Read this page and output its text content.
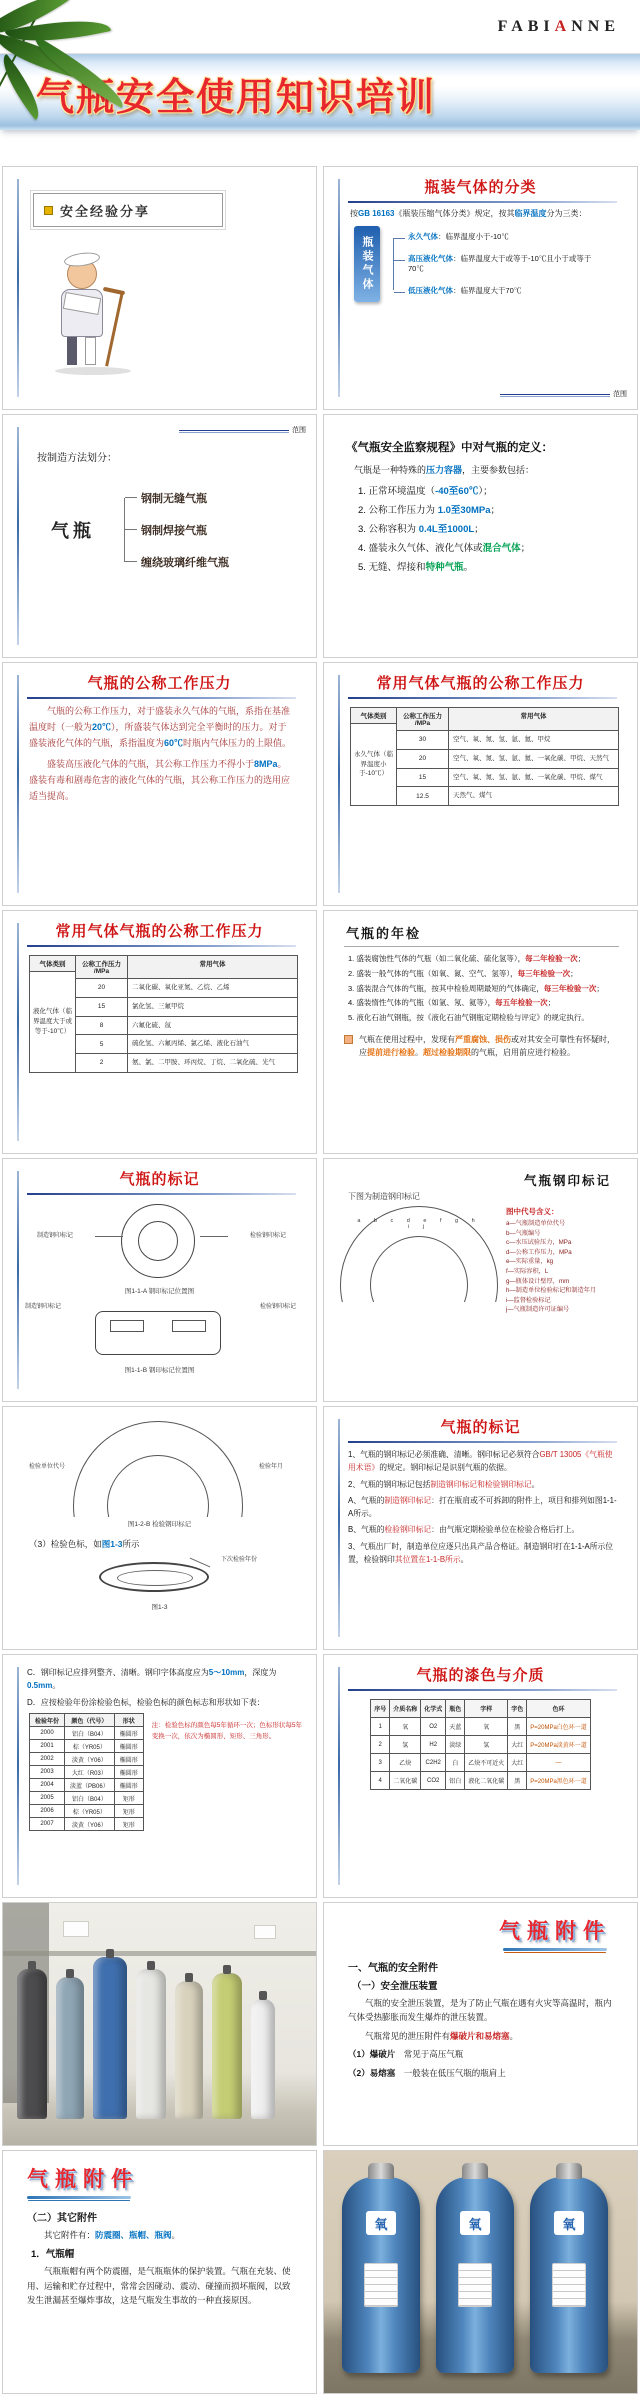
FABIANNE
气瓶安全使用知识培训
安全经验分享
瓶装气体的分类

按GB 16163《瓶装压缩气体分类》规定，按其临界温度分为三类：

瓶装气体	永久气体：临界温度小于-10℃
高压液化气体：临界温度大于或等于-10℃且小于或等于70℃
低压液化气体：临界温度大于70℃
范围
范围

按制造方法划分：

气瓶
钢制无缝气瓶
钢制焊接气瓶
缠绕玻璃纤维气瓶
《气瓶安全监察规程》中对气瓶的定义：

气瓶是一种特殊的压力容器，主要参数包括：

1. 正常环境温度（-40至60℃）；

2. 公称工作压力为 1.0至30MPa；

3. 公称容积为 0.4L至1000L；

4. 盛装永久气体、液化气体或混合气体；

5. 无缝、焊接和特种气瓶。

气瓶的公称工作压力

气瓶的公称工作压力，对于盛装永久气体的气瓶，系指在基准温度时（一般为20℃），所盛装气体达到完全平衡时的压力。对于盛装液化气体的气瓶，系指温度为60℃时瓶内气体压力的上限值。

盛装高压液化气体的气瓶，其公称工作压力不得小于8MPa。盛装有毒和剧毒危害的液化气体的气瓶，其公称工作压力的选用应适当提高。

常用气体气瓶的公称工作压力
气体类别
永久气体（临界温度小于-10℃）
公称工作压力 /MPa
常用气体
30	空气、氧、氮、氢、氩、氦、甲烷
20	空气、氧、氮、氢、氩、氦、一氧化碳、甲烷、天然气
15	空气、氧、氮、氢、氩、氦、一氧化碳、甲烷、煤气
12.5	天然气、煤气
常用气体气瓶的公称工作压力
气体类别
液化气体（临界温度大于或等于-10℃）
公称工作压力 /MPa
常用气体
20	二氧化碳、氧化亚氮、乙烷、乙烯
15	氯化氢、三氟甲烷
8	六氟化硫、氙
5	硫化氢、六氟丙烯、氯乙烯、液化石油气
2	氨、氯、二甲胺、环丙烷、丁烷、二氧化硫、光气
气瓶的年检

1. 盛装腐蚀性气体的气瓶（如二氧化硫、硫化氢等），每二年检验一次；

2. 盛装一般气体的气瓶（如氧、氮、空气、氢等），每三年检验一次；

3. 盛装混合气体的气瓶，按其中检验周期最短的气体确定，每三年检验一次；

4. 盛装惰性气体的气瓶（如氩、氖、氦等），每五年检验一次；

5. 液化石油气钢瓶，按《液化石油气钢瓶定期检验与评定》的规定执行。

气瓶在使用过程中，发现有严重腐蚀、损伤或对其安全可靠性有怀疑时，应提前进行检验。超过检验期限的气瓶，启用前应进行检验。

气瓶的标记
制造钢印标记	检验钢印标记

图1-1-A 钢印标记位置图

制造钢印标记	检验钢印标记

图1-1-B 钢印标记位置图

气瓶钢印标记

下图为制造钢印标记

a b c d e f g h i j

图中代号含义：

a—气瓶制造单位代号

b—气瓶编号

c—水压试验压力，MPa

d—公称工作压力，MPa

e—实际重量，kg

f—实际容积，L

g—瓶体设计壁厚，mm

h—制造单位检验标记和制造年月

i—监督检验标记

j—气瓶制造许可证编号

检验单位代号	检验年月

图1-2-B 检验钢印标记

（3）检验色标，如图1-3所示

下次检验年份

图1-3

气瓶的标记

1、气瓶的钢印标记必须准确、清晰。钢印标记必须符合GB/T 13005《气瓶使用术语》的规定。钢印标记是识别气瓶的依据。

2、气瓶的钢印标记包括制造钢印标记和检验钢印标记。

A、气瓶的制造钢印标记：打在瓶肩或不可拆卸的附件上，项目和排列如图1-1-A所示。

B、气瓶的检验钢印标记：由气瓶定期检验单位在检验合格后打上。

3、气瓶出厂时，制造单位应逐只出具产品合格证。制造钢印打在1-1-A所示位置，检验钢印其位置在1-1-B所示。

C．钢印标记应排列整齐、清晰。钢印字体高度应为5～10mm，深度为0.5mm。

D．应按检验年份涂检验色标，检验色标的颜色标志和形状如下表：

检验年份	颜色（代号）	形状
2000	铝白（B04）	椭圆形
2001	棕（YR05）	椭圆形
2002	淡黄（Y06）	椭圆形
2003	大红（R03）	椭圆形
2004	淡蓝（PB06）	椭圆形
2005	铝白（B04）	矩形
2006	棕（YR05）	矩形
2007	淡黄（Y06）	矩形

注：检验色标的颜色每5年循环一次；色标形状每5年变换一次，依次为椭圆形、矩形、三角形。

气瓶的漆色与介质
序号	介质名称	化学式	瓶色	字样	字色	色环
1	氧	O2	天蓝	氧	黑	P=20MPa白色环一道
2	氢	H2	淡绿	氢	大红	P=20MPa淡黄环一道
3	乙炔	C2H2	白	乙炔不可近火	大红	—
4	二氧化碳	CO2	铝白	液化二氧化碳	黑	P=20MPa黑色环一道
气瓶附件

一、气瓶的安全附件

（一）安全泄压装置

气瓶的安全泄压装置，是为了防止气瓶在遇有火灾等高温时，瓶内气体受热膨胀而发生爆炸的泄压装置。

气瓶常见的泄压附件有爆破片和易熔塞。

（1）爆破片　常见于高压气瓶

（2）易熔塞　一般装在低压气瓶的瓶肩上

气瓶附件

（二）其它附件

其它附件有：防震圈、瓶帽、瓶阀。

1．气瓶帽

气瓶瓶帽有两个防震圈，是气瓶瓶体的保护装置。气瓶在充装、使用、运输和贮存过程中，常常会因碰动、震动、碰撞而损坏瓶阀，以致发生泄漏甚至爆炸事故，这是气瓶发生事故的一种直接原因。

氧	氧	氧
